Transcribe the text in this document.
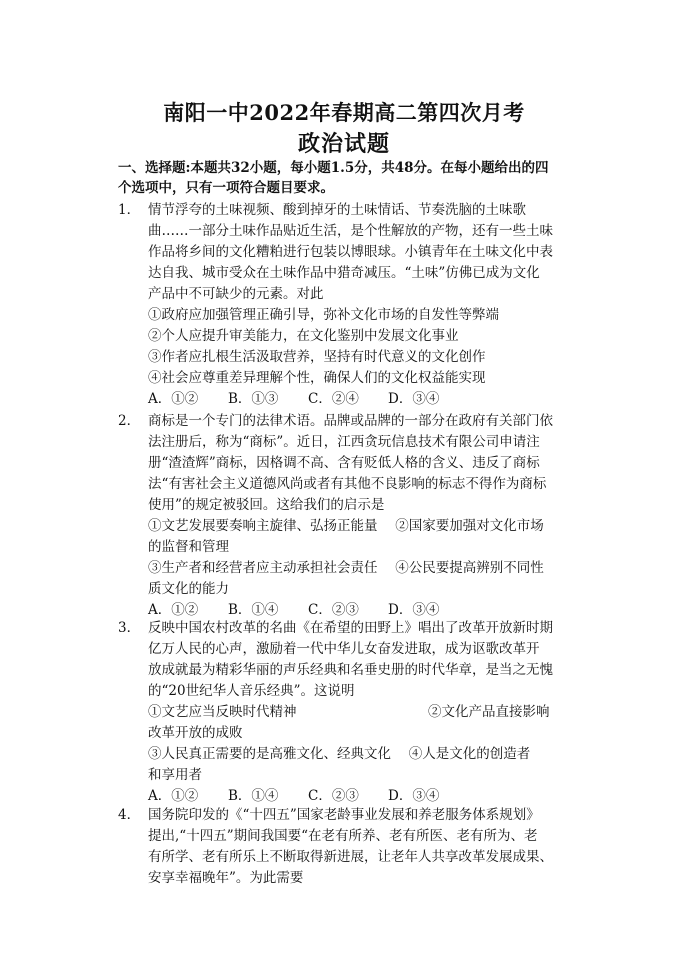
南阳一中2022年春期高二第四次月考
政治试题
一、选择题:本题共32小题，每小题1.5分，共48分。在每小题给出的四
个选项中，只有一项符合题目要求。
1． 情节浮夸的土味视频、酸到掉牙的土味情话、节奏洗脑的土味歌
曲……一部分土味作品贴近生活，是个性解放的产物，还有一些土味
作品将乡间的文化糟粕进行包装以博眼球。小镇青年在土味文化中表
达自我、城市受众在土味作品中猎奇减压。“土味”仿佛已成为文化
产品中不可缺少的元素。对此
①政府应加强管理正确引导，弥补文化市场的自发性等弊端
②个人应提升审美能力，在文化鉴别中发展文化事业
③作者应扎根生活汲取营养，坚持有时代意义的文化创作
④社会应尊重差异理解个性，确保人们的文化权益能实现
A．①② B．①③ C．②④ D．③④
2． 商标是一个专门的法律术语。品牌或品牌的一部分在政府有关部门依
法注册后，称为“商标”。近日，江西贪玩信息技术有限公司申请注
册“渣渣辉”商标，因格调不高、含有贬低人格的含义、违反了商标
法“有害社会主义道德风尚或者有其他不良影响的标志不得作为商标
使用”的规定被驳回。这给我们的启示是
①文艺发展要奏响主旋律、弘扬正能量　 ②国家要加强对文化市场
的监督和管理
③生产者和经营者应主动承担社会责任　 ④公民要提高辨别不同性
质文化的能力
A．①② B．①④ C．②③ D．③④
3． 反映中国农村改革的名曲《在希望的田野上》唱出了改革开放新时期
亿万人民的心声，激励着一代中华儿女奋发进取，成为讴歌改革开
放成就最为精彩华丽的声乐经典和名垂史册的时代华章，是当之无愧
的“20世纪华人音乐经典”。这说明
①文艺应当反映时代精神	②文化产品直接影响
改革开放的成败
③人民真正需要的是高雅文化、经典文化　 ④人是文化的创造者
和享用者
A．①② B．①④ C．②③ D．③④
4． 国务院印发的《“十四五”国家老龄事业发展和养老服务体系规划》
提出,“十四五”期间我国要“在老有所养、老有所医、老有所为、老
有所学、老有所乐上不断取得新进展，让老年人共享改革发展成果、
安享幸福晚年”。为此需要
